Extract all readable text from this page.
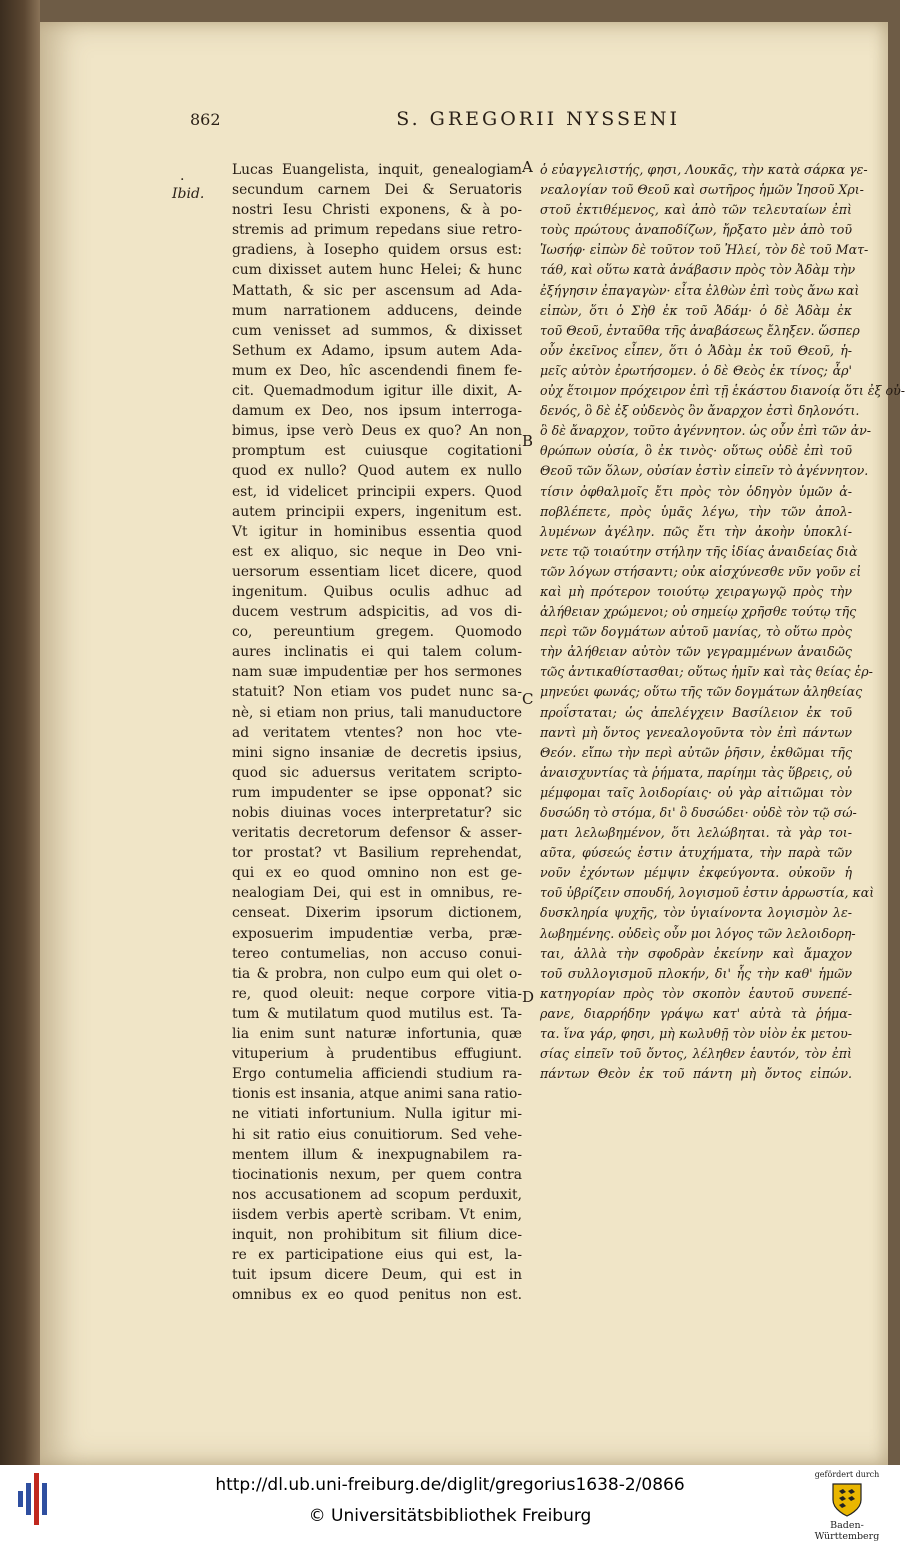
862	S. GREGORII NYSSENI
.
Ibid.
Lucas Euangelista, inquit, genealogiam
secundum carnem Dei & Seruatoris
nostri Iesu Christi exponens, & à po-
stremis ad primum repedans siue retro-
gradiens, à Iosepho quidem orsus est:
cum dixisset autem hunc Helei; & hunc
Mattath, & sic per ascensum ad Ada-
mum narrationem adducens, deinde
cum venisset ad summos, & dixisset
Sethum ex Adamo, ipsum autem Ada-
mum ex Deo, hîc ascendendi finem fe-
cit. Quemadmodum igitur ille dixit, A-
damum ex Deo, nos ipsum interroga-
bimus, ipse verò Deus ex quo? An non
promptum est cuiusque cogitationi
quod ex nullo? Quod autem ex nullo
est, id videlicet principii expers. Quod
autem principii expers, ingenitum est.
Vt igitur in hominibus essentia quod
est ex aliquo, sic neque in Deo vni-
uersorum essentiam licet dicere, quod
ingenitum. Quibus oculis adhuc ad
ducem vestrum adspicitis, ad vos di-
co, pereuntium gregem. Quomodo
aures inclinatis ei qui talem colum-
nam suæ impudentiæ per hos sermones
statuit? Non etiam vos pudet nunc sa-
nè, si etiam non prius, tali manuductore
ad veritatem vtentes? non hoc vte-
mini signo insaniæ de decretis ipsius,
quod sic aduersus veritatem scripto-
rum impudenter se ipse opponat? sic
nobis diuinas voces interpretatur? sic
veritatis decretorum defensor & asser-
tor prostat? vt Basilium reprehendat,
qui ex eo quod omnino non est ge-
nealogiam Dei, qui est in omnibus, re-
censeat. Dixerim ipsorum dictionem,
exposuerim impudentiæ verba, præ-
tereo contumelias, non accuso conui-
tia & probra, non culpo eum qui olet o-
re, quod oleuit: neque corpore vitia-
tum & mutilatum quod mutilus est. Ta-
lia enim sunt naturæ infortunia, quæ
vituperium à prudentibus effugiunt.
Ergo contumelia afficiendi studium ra-
tionis est insania, atque animi sana ratio-
ne vitiati infortunium. Nulla igitur mi-
hi sit ratio eius conuitiorum. Sed vehe-
mentem illum & inexpugnabilem ra-
tiocinationis nexum, per quem contra
nos accusationem ad scopum perduxit,
iisdem verbis apertè scribam. Vt enim,
inquit, non prohibitum sit filium dice-
re ex participatione eius qui est, la-
tuit ipsum dicere Deum, qui est in
omnibus ex eo quod penitus non est.
ὁ εὐαγγελιστής, φησι, Λουκᾶς, τὴν κατὰ σάρκα γε-
νεαλογίαν τοῦ Θεοῦ καὶ σωτῆρος ἡμῶν Ἰησοῦ Χρι-
στοῦ ἐκτιθέμενος, καὶ ἀπὸ τῶν τελευταίων ἐπὶ
τοὺς πρώτους ἀναποδίζων, ἤρξατο μὲν ἀπὸ τοῦ
Ἰωσήφ· εἰπὼν δὲ τοῦτον τοῦ Ἠλεί, τὸν δὲ τοῦ Ματ-
τάθ, καὶ οὕτω κατὰ ἀνάβασιν πρὸς τὸν Ἀδὰμ τὴν
ἐξήγησιν ἐπαγαγὼν· εἶτα ἐλθὼν ἐπὶ τοὺς ἄνω καὶ
εἰπὼν, ὅτι ὁ Σὴθ ἐκ τοῦ Ἀδάμ· ὁ δὲ Ἀδὰμ ἐκ
τοῦ Θεοῦ, ἐνταῦθα τῆς ἀναβάσεως ἔληξεν. ὥσπερ
οὖν ἐκεῖνος εἶπεν, ὅτι ὁ Ἀδὰμ ἐκ τοῦ Θεοῦ, ἡ-
μεῖς αὐτὸν ἐρωτήσομεν. ὁ δὲ Θεὸς ἐκ τίνος; ἆρ'
οὐχ ἕτοιμον πρόχειρον ἐπὶ τῇ ἑκάστου διανοίᾳ ὅτι ἐξ οὐ-
δενός, ὃ δὲ ἐξ οὐδενὸς ὂν ἄναρχον ἐστὶ δηλονότι.
ὃ δὲ ἄναρχον, τοῦτο ἀγέννητον. ὡς οὖν ἐπὶ τῶν ἀν-
θρώπων οὐσία, ὃ ἐκ τινὸς· οὕτως οὐδὲ ἐπὶ τοῦ
Θεοῦ τῶν ὅλων, οὐσίαν ἐστὶν εἰπεῖν τὸ ἀγέννητον.
τίσιν ὀφθαλμοῖς ἔτι πρὸς τὸν ὁδηγὸν ὑμῶν ἀ-
ποβλέπετε, πρὸς ὑμᾶς λέγω, τὴν τῶν ἀπολ-
λυμένων ἀγέλην. πῶς ἔτι τὴν ἀκοὴν ὑποκλί-
νετε τῷ τοιαύτην στήλην τῆς ἰδίας ἀναιδείας διὰ
τῶν λόγων στήσαντι; οὐκ αἰσχύνεσθε νῦν γοῦν εἰ
καὶ μὴ πρότερον τοιούτῳ χειραγωγῷ πρὸς τὴν
ἀλήθειαν χρώμενοι; οὐ σημείῳ χρῆσθε τούτῳ τῆς
περὶ τῶν δογμάτων αὐτοῦ μανίας, τὸ οὕτω πρὸς
τὴν ἀλήθειαν αὐτὸν τῶν γεγραμμένων ἀναιδῶς
τῶς ἀντικαθίστασθαι; οὕτως ἡμῖν καὶ τὰς θείας ἑρ-
μηνεύει φωνάς; οὕτω τῆς τῶν δογμάτων ἀληθείας
προΐσταται; ὡς ἀπελέγχειν Βασίλειον ἐκ τοῦ
παντὶ μὴ ὄντος γενεαλογοῦντα τὸν ἐπὶ πάντων
Θεόν. εἴπω τὴν περὶ αὐτῶν ῥῆσιν, ἐκθῶμαι τῆς
ἀναισχυντίας τὰ ῥήματα, παρίημι τὰς ὕβρεις, οὐ
μέμφομαι ταῖς λοιδορίαις· οὐ γὰρ αἰτιῶμαι τὸν
δυσώδη τὸ στόμα, δι' ὃ δυσώδει· οὐδὲ τὸν τῷ σώ-
ματι λελωβημένον, ὅτι λελώβηται. τὰ γὰρ τοι-
αῦτα, φύσεώς ἐστιν ἀτυχήματα, τὴν παρὰ τῶν
νοῦν ἐχόντων μέμψιν ἐκφεύγοντα. οὐκοῦν ἡ
τοῦ ὑβρίζειν σπουδή, λογισμοῦ ἐστιν ἀρρωστία, καὶ
δυσκληρία ψυχῆς, τὸν ὑγιαίνοντα λογισμὸν λε-
λωβημένης. οὐδεὶς οὖν μοι λόγος τῶν λελοιδορη-
ται, ἀλλὰ τὴν σφοδρὰν ἐκείνην καὶ ἄμαχον
τοῦ συλλογισμοῦ πλοκήν, δι' ἧς τὴν καθ' ἡμῶν
κατηγορίαν πρὸς τὸν σκοπὸν ἑαυτοῦ συνεπέ-
ρανε, διαρρήδην γράψω κατ' αὐτὰ τὰ ῥήμα-
τα. ἵνα γάρ, φησι, μὴ κωλυθῇ τὸν υἱὸν ἐκ μετου-
σίας εἰπεῖν τοῦ ὄντος, λέληθεν ἑαυτόν, τὸν ἐπὶ
πάντων Θεὸν ἐκ τοῦ πάντη μὴ ὄντος εἰπών.
A
B
C
D
http://dl.ub.uni-freiburg.de/diglit/gregorius1638-2/0866
© Universitätsbibliothek Freiburg
gefördert durch
Baden-Württemberg
